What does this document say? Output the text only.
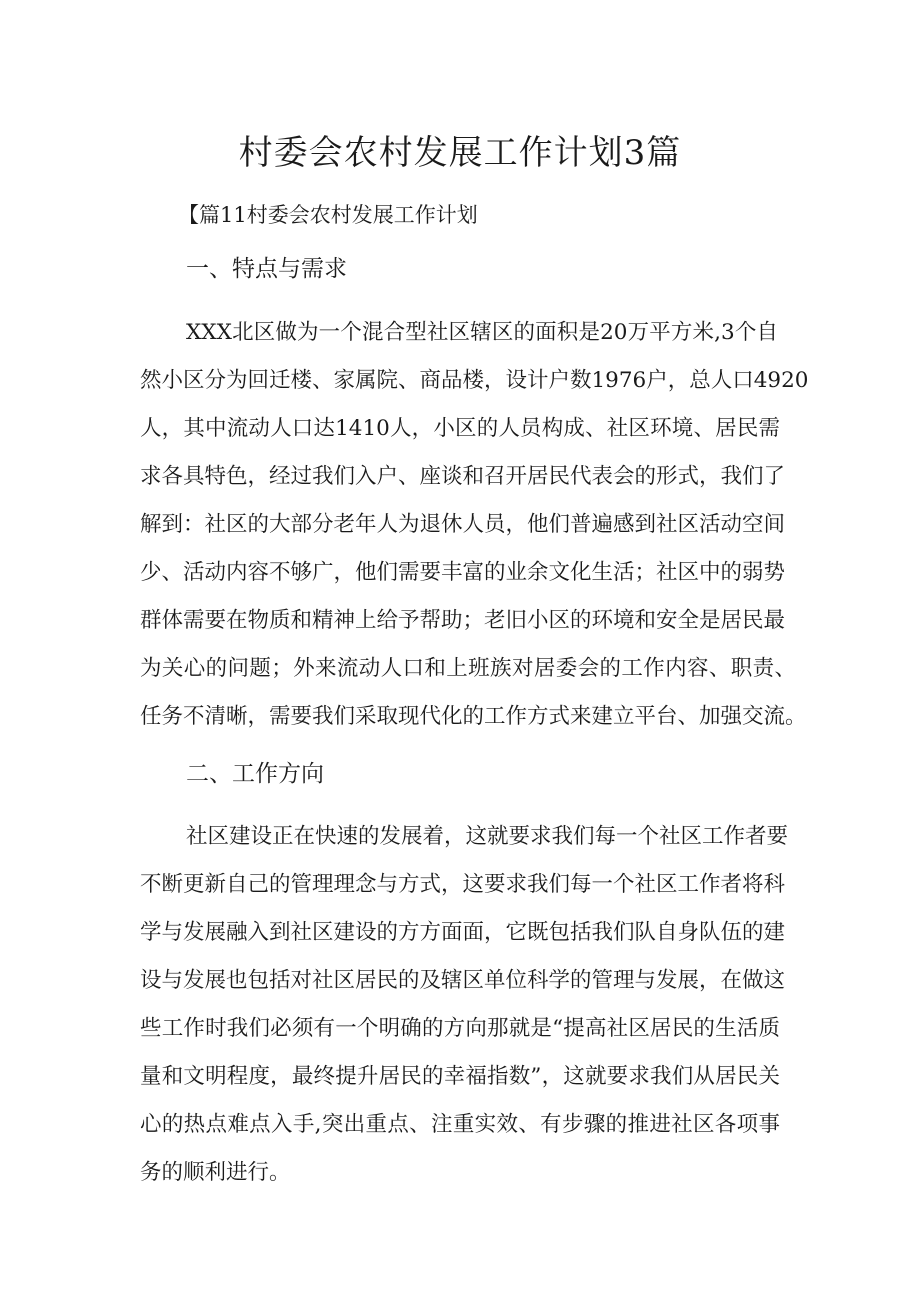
村委会农村发展工作计划3篇
【篇11村委会农村发展工作计划
一、特点与需求
XXX北区做为一个混合型社区辖区的面积是20万平方米,3个自
然小区分为回迁楼、家属院、商品楼，设计户数1976户，总人口4920
人，其中流动人口达1410人，小区的人员构成、社区环境、居民需
求各具特色，经过我们入户、座谈和召开居民代表会的形式，我们了
解到：社区的大部分老年人为退休人员，他们普遍感到社区活动空间
少、活动内容不够广，他们需要丰富的业余文化生活；社区中的弱势
群体需要在物质和精神上给予帮助；老旧小区的环境和安全是居民最
为关心的问题；外来流动人口和上班族对居委会的工作内容、职责、
任务不清晰，需要我们采取现代化的工作方式来建立平台、加强交流。
二、工作方向
社区建设正在快速的发展着，这就要求我们每一个社区工作者要
不断更新自己的管理理念与方式，这要求我们每一个社区工作者将科
学与发展融入到社区建设的方方面面，它既包括我们队自身队伍的建
设与发展也包括对社区居民的及辖区单位科学的管理与发展，在做这
些工作时我们必须有一个明确的方向那就是“提高社区居民的生活质
量和文明程度，最终提升居民的幸福指数”，这就要求我们从居民关
心的热点难点入手,突出重点、注重实效、有步骤的推进社区各项事
务的顺利进行。
